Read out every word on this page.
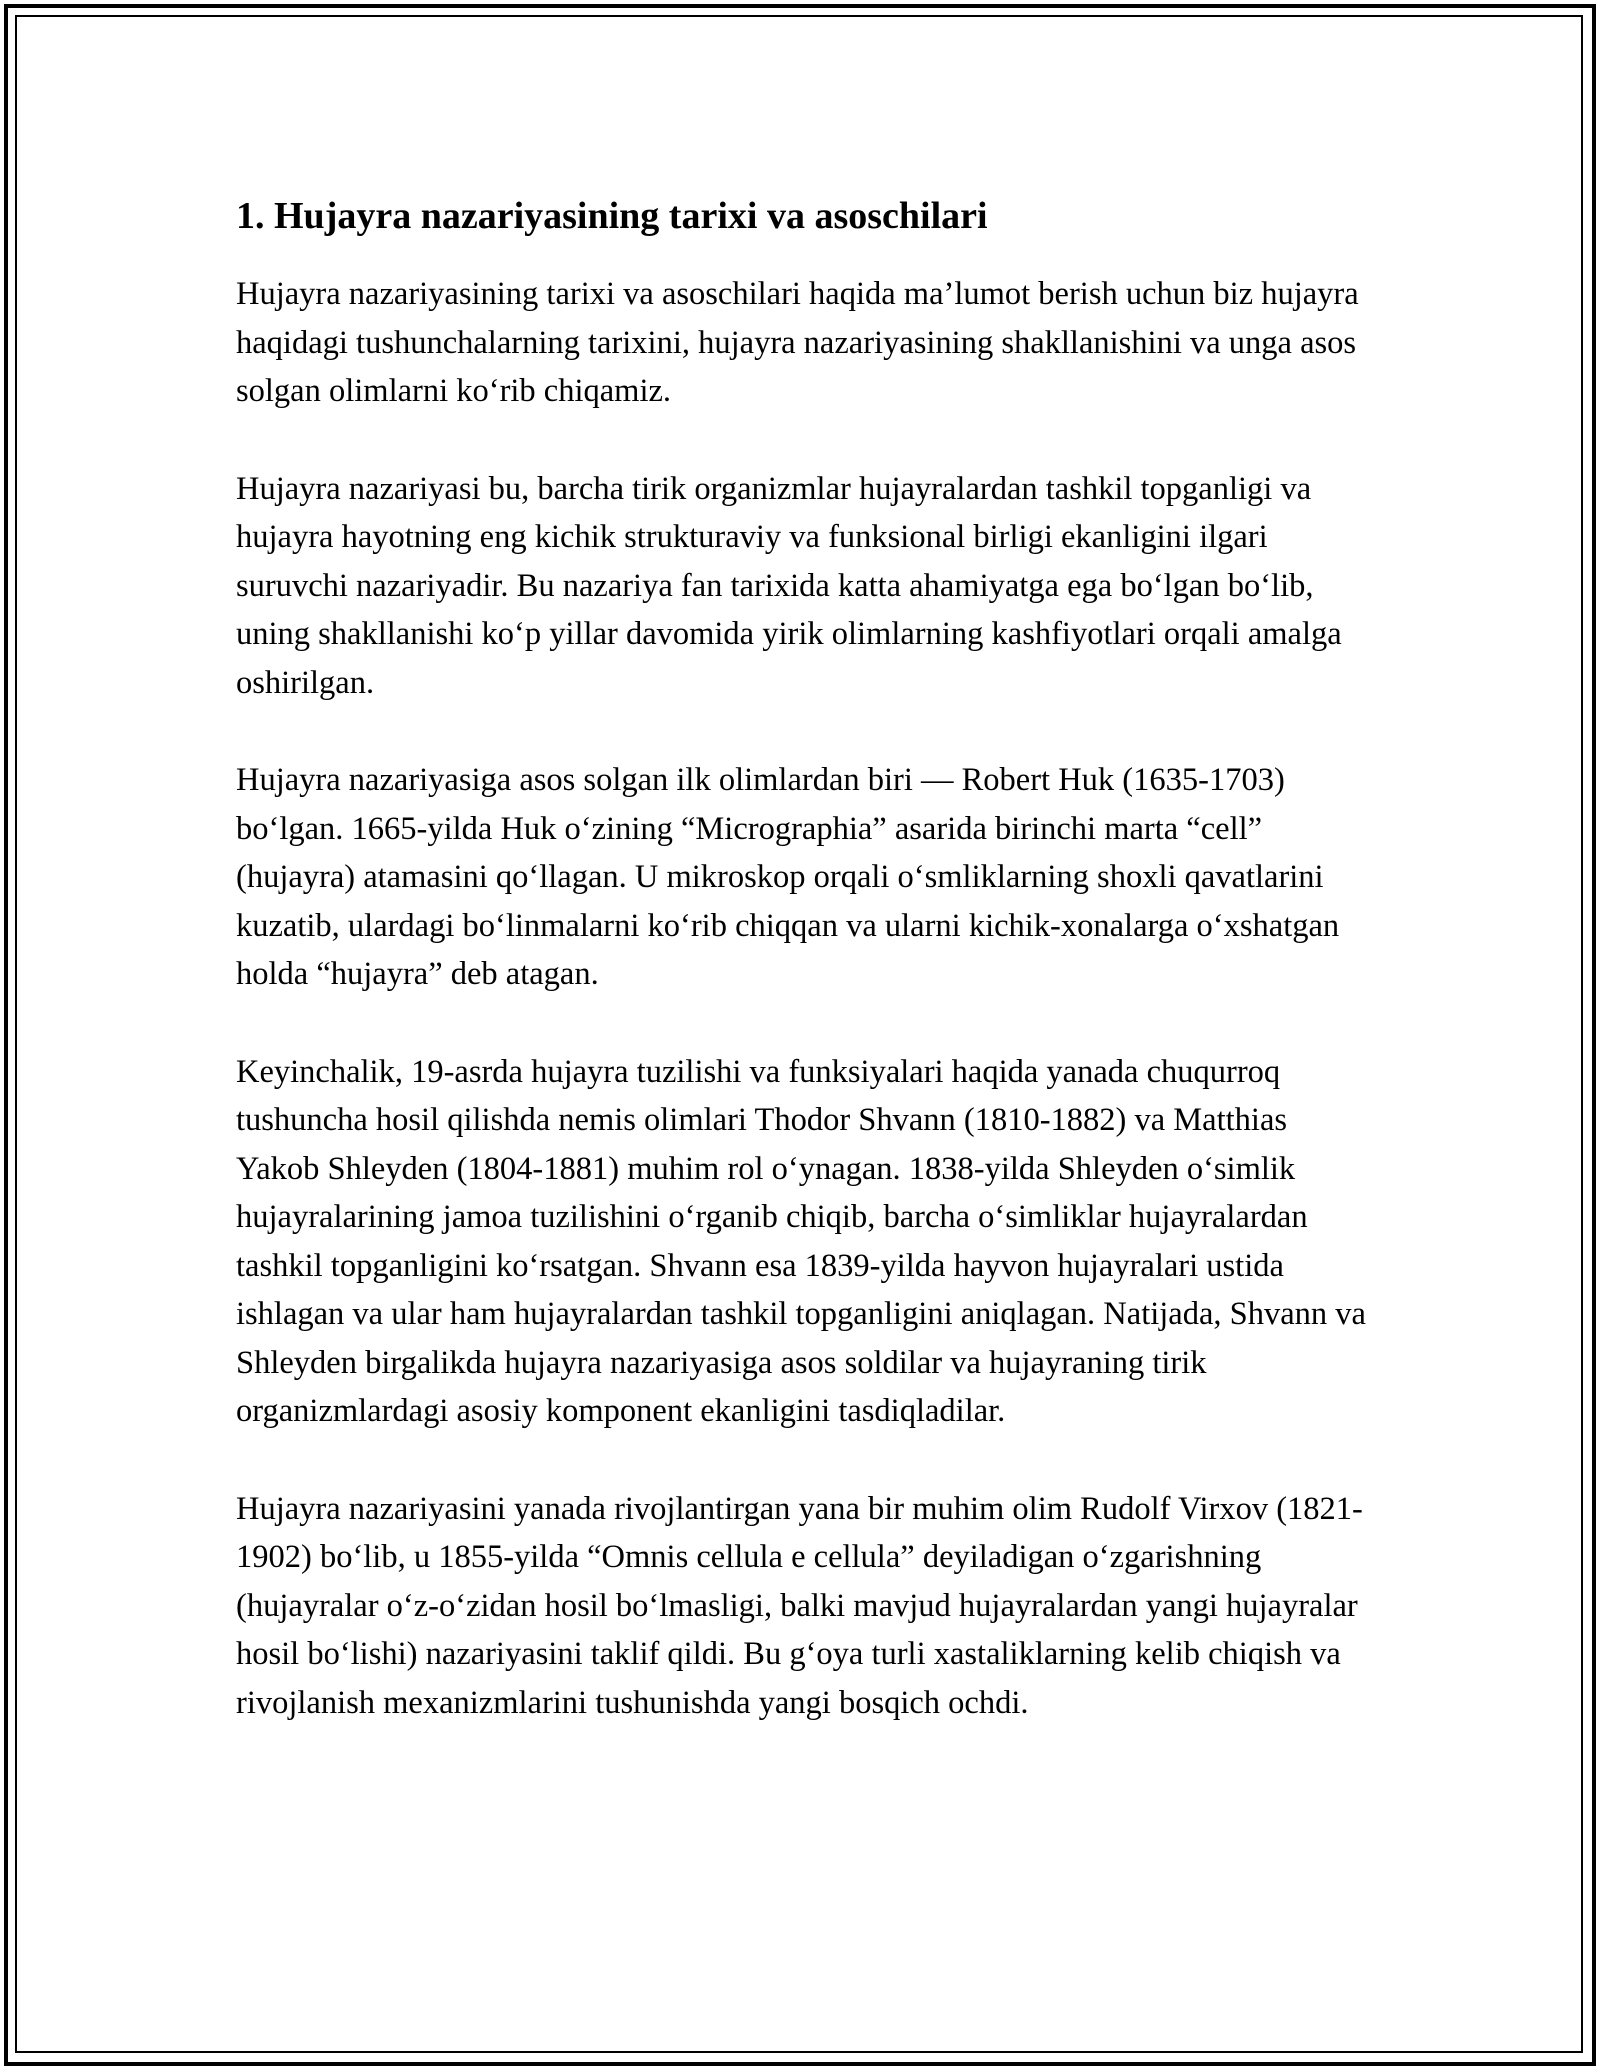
1. Hujayra nazariyasining tarixi va asoschilari

Hujayra nazariyasining tarixi va asoschilari haqida ma’lumot berish uchun biz hujayra haqidagi tushunchalarning tarixini, hujayra nazariyasining shakllanishini va unga asos solgan olimlarni ko‘rib chiqamiz.

Hujayra nazariyasi bu, barcha tirik organizmlar hujayralardan tashkil topganligi va hujayra hayotning eng kichik strukturaviy va funksional birligi ekanligini ilgari suruvchi nazariyadir. Bu nazariya fan tarixida katta ahamiyatga ega bo‘lgan bo‘lib, uning shakllanishi ko‘p yillar davomida yirik olimlarning kashfiyotlari orqali amalga oshirilgan.

Hujayra nazariyasiga asos solgan ilk olimlardan biri — Robert Huk (1635-1703) bo‘lgan. 1665-yilda Huk o‘zining “Micrographia” asarida birinchi marta “cell” (hujayra) atamasini qo‘llagan. U mikroskop orqali o‘smliklarning shoxli qavatlarini kuzatib, ulardagi bo‘linmalarni ko‘rib chiqqan va ularni kichik-xonalarga o‘xshatgan holda “hujayra” deb atagan.

Keyinchalik, 19-asrda hujayra tuzilishi va funksiyalari haqida yanada chuqurroq tushuncha hosil qilishda nemis olimlari Thodor Shvann (1810-1882) va Matthias Yakob Shleyden (1804-1881) muhim rol o‘ynagan. 1838-yilda Shleyden o‘simlik hujayralarining jamoa tuzilishini o‘rganib chiqib, barcha o‘simliklar hujayralardan tashkil topganligini ko‘rsatgan. Shvann esa 1839-yilda hayvon hujayralari ustida ishlagan va ular ham hujayralardan tashkil topganligini aniqlagan. Natijada, Shvann va Shleyden birgalikda hujayra nazariyasiga asos soldilar va hujayraning tirik organizmlardagi asosiy komponent ekanligini tasdiqladilar.

Hujayra nazariyasini yanada rivojlantirgan yana bir muhim olim Rudolf Virxov (1821-1902) bo‘lib, u 1855-yilda “Omnis cellula e cellula” deyiladigan o‘zgarishning (hujayralar o‘z-o‘zidan hosil bo‘lmasligi, balki mavjud hujayralardan yangi hujayralar hosil bo‘lishi) nazariyasini taklif qildi. Bu g‘oya turli xastaliklarning kelib chiqish va rivojlanish mexanizmlarini tushunishda yangi bosqich ochdi.
